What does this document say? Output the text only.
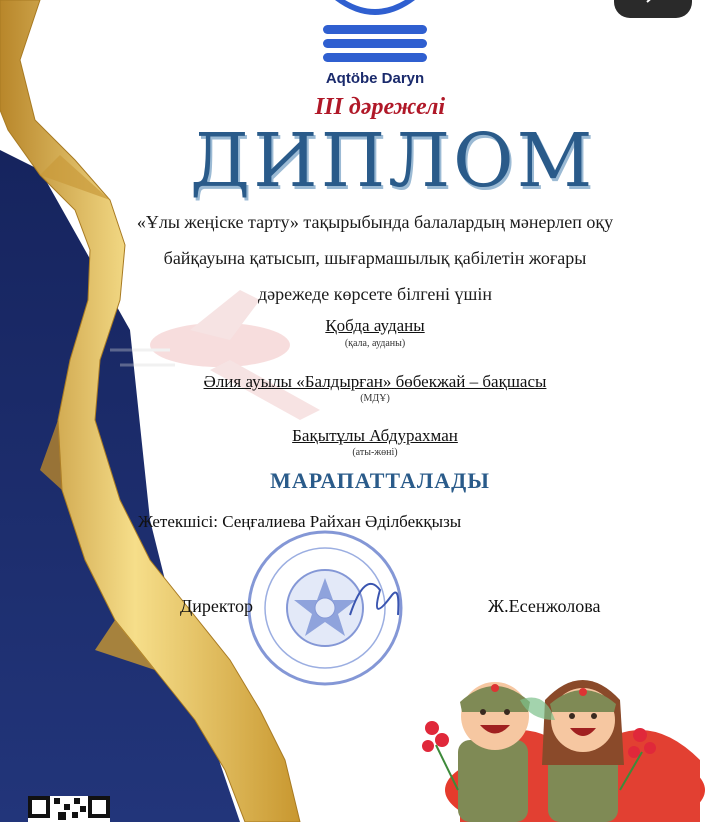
Aqtöbe Daryn
III дәрежелі
ДИПЛОМ
«Ұлы жеңіске тарту» тақырыбында балалардың мәнерлеп оқу
байқауына қатысып, шығармашылық қабілетін жоғары
дәрежеде көрсете білгені үшін
Қобда ауданы
(қала, ауданы)
Әлия ауылы «Балдырған» бөбекжай – бақшасы
(МДҰ)
Бақытұлы Абдурахман
(аты-жөні)
МАРАПАТТАЛАДЫ
Жетекшісі: Сеңғалиева Райхан Әділбекқызы
Директор	Ж.Есенжолова
